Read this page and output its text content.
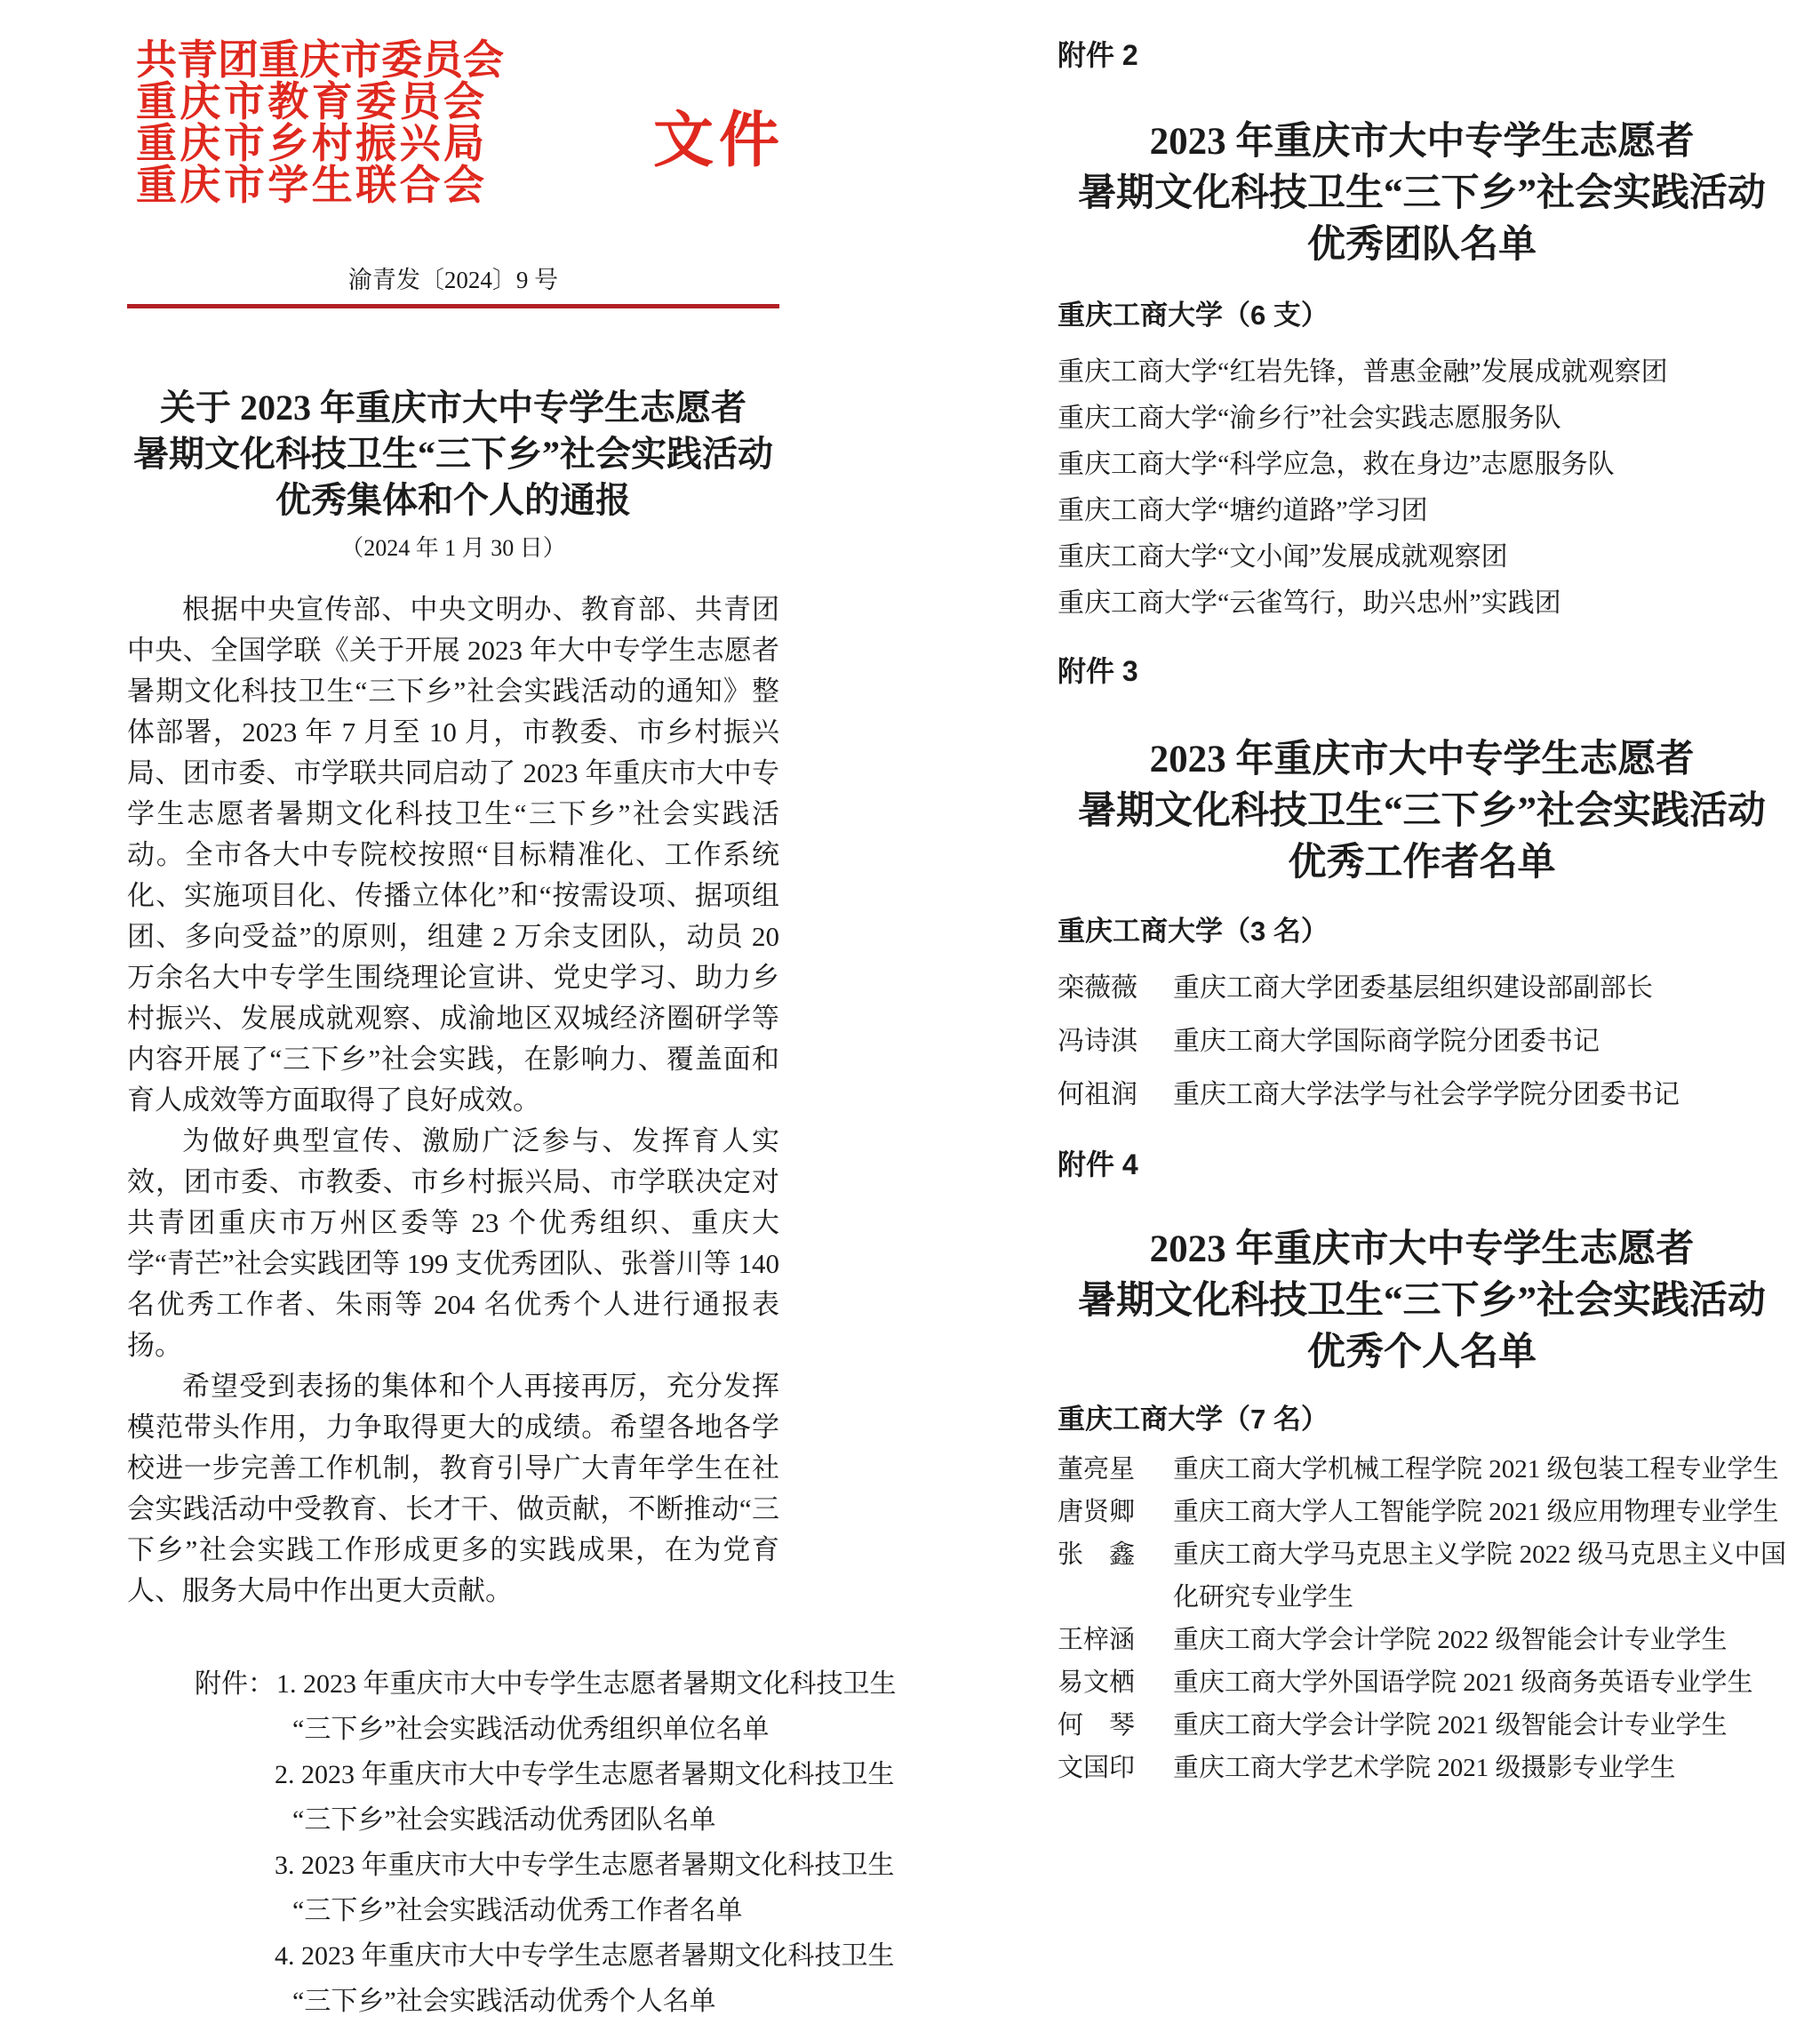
共青团重庆市委员会
重庆市教育委员会
重庆市乡村振兴局
重庆市学生联合会
文件
渝青发〔2024〕9 号
关于 2023 年重庆市大中专学生志愿者
暑期文化科技卫生“三下乡”社会实践活动
优秀集体和个人的通报
（2024 年 1 月 30 日）

根据中央宣传部、中央文明办、教育部、共青团中央、全国学联《关于开展 2023 年大中专学生志愿者暑期文化科技卫生“三下乡”社会实践活动的通知》整体部署，2023 年 7 月至 10 月，市教委、市乡村振兴局、团市委、市学联共同启动了 2023 年重庆市大中专学生志愿者暑期文化科技卫生“三下乡”社会实践活动。全市各大中专院校按照“目标精准化、工作系统化、实施项目化、传播立体化”和“按需设项、据项组团、多向受益”的原则，组建 2 万余支团队，动员 20 万余名大中专学生围绕理论宣讲、党史学习、助力乡村振兴、发展成就观察、成渝地区双城经济圈研学等内容开展了“三下乡”社会实践，在影响力、覆盖面和育人成效等方面取得了良好成效。

为做好典型宣传、激励广泛参与、发挥育人实效，团市委、市教委、市乡村振兴局、市学联决定对共青团重庆市万州区委等 23 个优秀组织、重庆大学“青芒”社会实践团等 199 支优秀团队、张誉川等 140 名优秀工作者、朱雨等 204 名优秀个人进行通报表扬。

希望受到表扬的集体和个人再接再厉，充分发挥模范带头作用，力争取得更大的成绩。希望各地各学校进一步完善工作机制，教育引导广大青年学生在社会实践活动中受教育、长才干、做贡献，不断推动“三下乡”社会实践工作形成更多的实践成果，在为党育人、服务大局中作出更大贡献。

附件：1. 2023 年重庆市大中专学生志愿者暑期文化科技卫生
“三下乡”社会实践活动优秀组织单位名单
2. 2023 年重庆市大中专学生志愿者暑期文化科技卫生
“三下乡”社会实践活动优秀团队名单
3. 2023 年重庆市大中专学生志愿者暑期文化科技卫生
“三下乡”社会实践活动优秀工作者名单
4. 2023 年重庆市大中专学生志愿者暑期文化科技卫生
“三下乡”社会实践活动优秀个人名单
附件 2
2023 年重庆市大中专学生志愿者
暑期文化科技卫生“三下乡”社会实践活动
优秀团队名单
重庆工商大学（6 支）
重庆工商大学“红岩先锋，普惠金融”发展成就观察团
重庆工商大学“渝乡行”社会实践志愿服务队
重庆工商大学“科学应急，救在身边”志愿服务队
重庆工商大学“塘约道路”学习团
重庆工商大学“文小闻”发展成就观察团
重庆工商大学“云雀笃行，助兴忠州”实践团
附件 3
2023 年重庆市大中专学生志愿者
暑期文化科技卫生“三下乡”社会实践活动
优秀工作者名单
重庆工商大学（3 名）
栾薇薇	重庆工商大学团委基层组织建设部副部长
冯诗淇	重庆工商大学国际商学院分团委书记
何祖润	重庆工商大学法学与社会学学院分团委书记
附件 4
2023 年重庆市大中专学生志愿者
暑期文化科技卫生“三下乡”社会实践活动
优秀个人名单
重庆工商大学（7 名）
董亮星	重庆工商大学机械工程学院 2021 级包装工程专业学生
唐贤卿	重庆工商大学人工智能学院 2021 级应用物理专业学生
张　鑫	重庆工商大学马克思主义学院 2022 级马克思主义中国化研究专业学生
王梓涵	重庆工商大学会计学院 2022 级智能会计专业学生
易文栖	重庆工商大学外国语学院 2021 级商务英语专业学生
何　琴	重庆工商大学会计学院 2021 级智能会计专业学生
文国印	重庆工商大学艺术学院 2021 级摄影专业学生
